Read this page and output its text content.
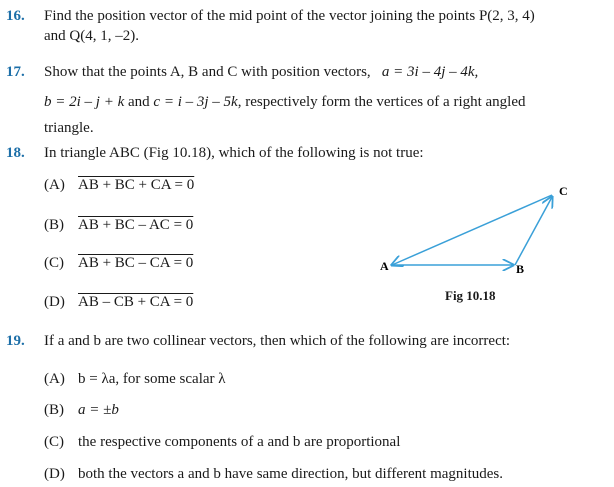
16. Find the position vector of the mid point of the vector joining the points P(2, 3, 4)
and Q(4, 1, –2).
17. Show that the points A, B and C with position vectors, a = 3i – 4j – 4k,
b = 2i – j + k and c = i – 3j – 5k, respectively form the vertices of a right angled
triangle.
18. In triangle ABC (Fig 10.18), which of the following is not true:
(A) AB + BC + CA = 0
(B) AB + BC – AC = 0
(C) AB + BC – CA = 0
(D) AB – CB + CA = 0
A	B
C
Fig 10.18
19. If a and b are two collinear vectors, then which of the following are incorrect:
(A) b = λa, for some scalar λ
(B) a = ±b
(C) the respective components of a and b are proportional
(D) both the vectors a and b have same direction, but different magnitudes.
